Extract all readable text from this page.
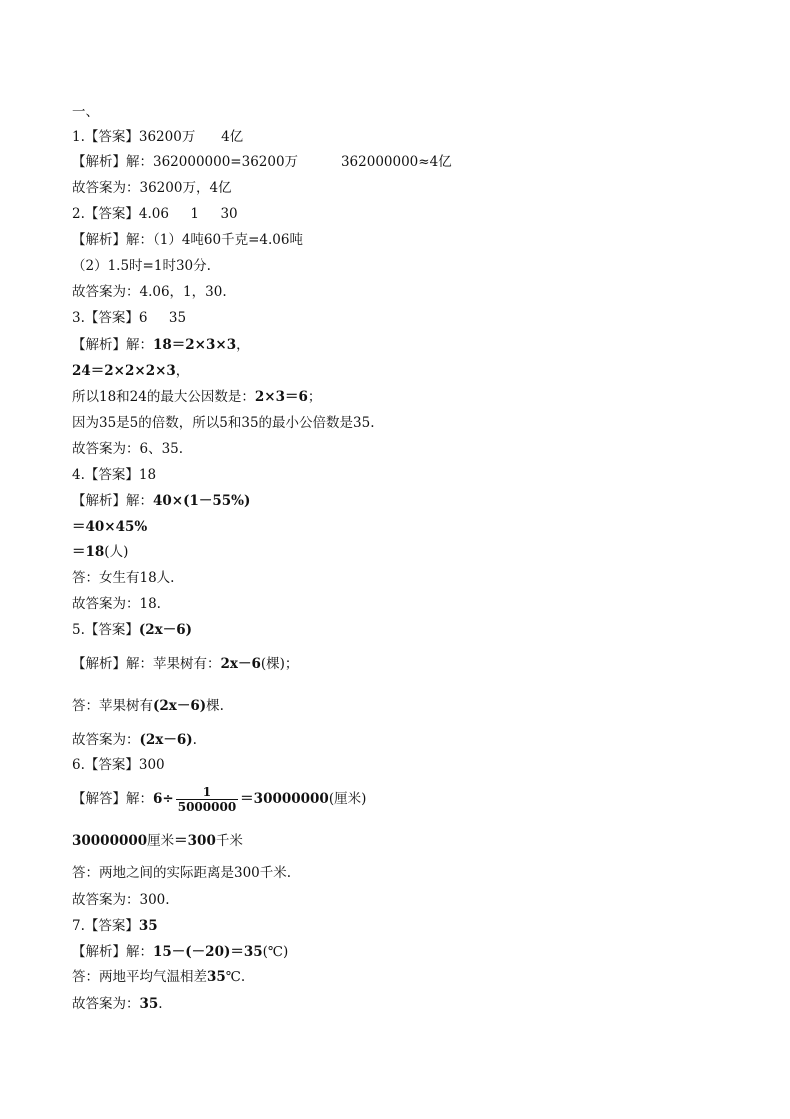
一、
1.【答案】36200万      4亿
【解析】解：362000000=36200万          362000000≈4亿
故答案为：36200万，4亿
2.【答案】4.06     1     30
【解析】解：（1）4吨60千克=4.06吨
（2）1.5时=1时30分.
故答案为：4.06，1，30.
3.【答案】6     35
【解析】解：18＝2×3×3，
24＝2×2×2×3，
所以18和24的最大公因数是：2×3＝6；
因为35是5的倍数，所以5和35的最小公倍数是35.
故答案为：6、35.
4.【答案】18
【解析】解：40×(1－55%)
＝40×45%
＝18(人)
答：女生有18人.
故答案为：18.
5.【答案】(2x－6)
【解析】解：苹果树有：2x－6(棵)；
答：苹果树有(2x－6)棵.
故答案为：(2x－6).
6.【答案】300
【解答】解：$6\div \frac{1}{5000000} =30000000$(厘米)
30000000厘米＝300千米
答：两地之间的实际距离是300千米.
故答案为：300.
7.【答案】35
【解析】解：15－(－20)＝35(℃)
答：两地平均气温相差35℃.
故答案为：35.
